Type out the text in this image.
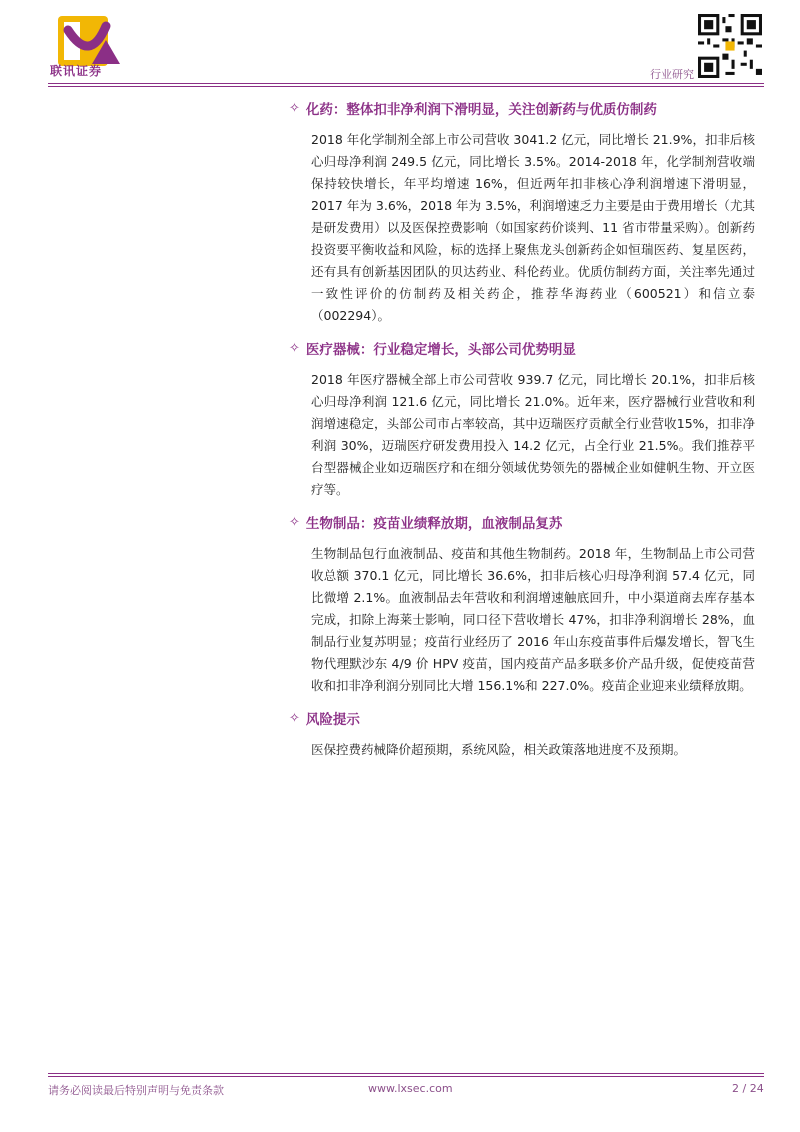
联讯证券	行业研究
✧ 化药：整体扣非净利润下滑明显，关注创新药与优质仿制药
2018 年化学制剂全部上市公司营收 3041.2 亿元，同比增长 21.9%，扣非后核心归母净利润 249.5 亿元，同比增长 3.5%。2014-2018 年，化学制剂营收端保持较快增长，年平均增速 16%，但近两年扣非核心净利润增速下滑明显，2017 年为 3.6%，2018 年为 3.5%，利润增速乏力主要是由于费用增长（尤其是研发费用）以及医保控费影响（如国家药价谈判、11 省市带量采购）。创新药投资要平衡收益和风险，标的选择上聚焦龙头创新药企如恒瑞医药、复星医药，还有具有创新基因团队的贝达药业、科伦药业。优质仿制药方面，关注率先通过一致性评价的仿制药及相关药企，推荐华海药业（600521）和信立泰（002294）。
✧ 医疗器械：行业稳定增长，头部公司优势明显
2018 年医疗器械全部上市公司营收 939.7 亿元，同比增长 20.1%，扣非后核心归母净利润 121.6 亿元，同比增长 21.0%。近年来，医疗器械行业营收和利润增速稳定，头部公司市占率较高，其中迈瑞医疗贡献全行业营收15%，扣非净利润 30%，迈瑞医疗研发费用投入 14.2 亿元，占全行业 21.5%。我们推荐平台型器械企业如迈瑞医疗和在细分领域优势领先的器械企业如健帆生物、开立医疗等。
✧ 生物制品：疫苗业绩释放期，血液制品复苏
生物制品包行血液制品、疫苗和其他生物制药。2018 年，生物制品上市公司营收总额 370.1 亿元，同比增长 36.6%，扣非后核心归母净利润 57.4 亿元，同比微增 2.1%。血液制品去年营收和利润增速触底回升，中小渠道商去库存基本完成，扣除上海莱士影响，同口径下营收增长 47%，扣非净利润增长 28%，血制品行业复苏明显；疫苗行业经历了 2016 年山东疫苗事件后爆发增长，智飞生物代理默沙东 4/9 价 HPV 疫苗，国内疫苗产品多联多价产品升级，促使疫苗营收和扣非净利润分别同比大增 156.1%和 227.0%。疫苗企业迎来业绩释放期。
✧ 风险提示
医保控费药械降价超预期，系统风险，相关政策落地进度不及预期。
请务必阅读最后特别声明与免责条款	www.lxsec.com	2 / 24
